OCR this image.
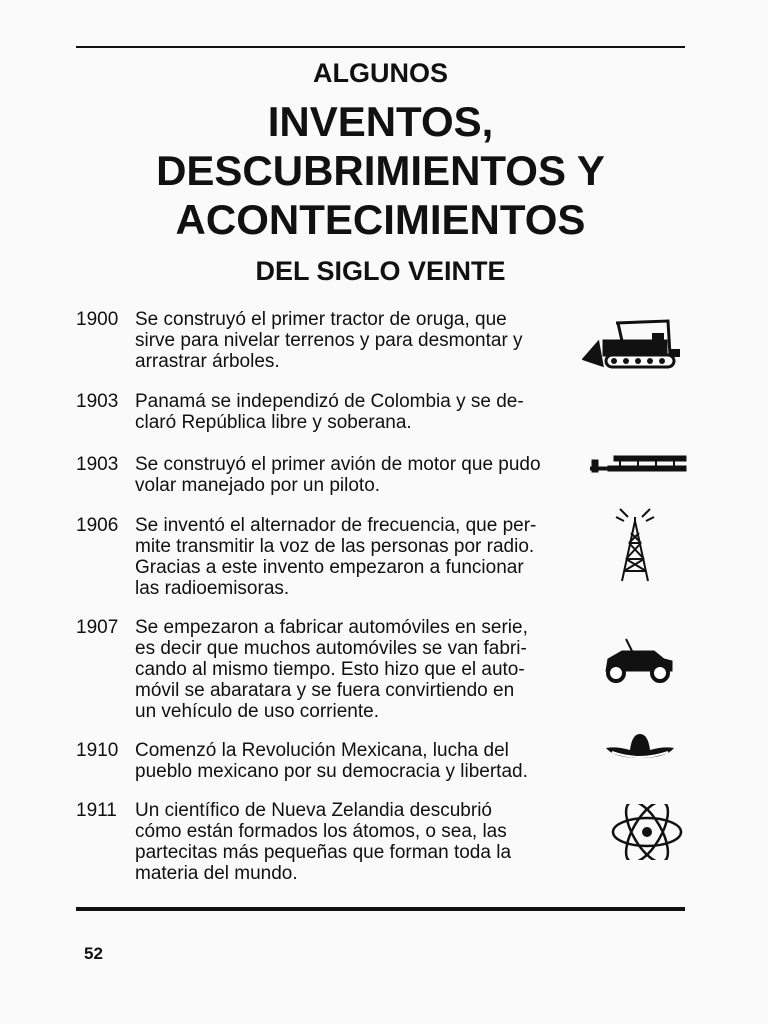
ALGUNOS
INVENTOS,
DESCUBRIMIENTOS Y
ACONTECIMIENTOS
DEL SIGLO VEINTE
1900 Se construyó el primer tractor de oruga, que
sirve para nivelar terrenos y para desmontar y
arrastrar árboles.
1903 Panamá se independizó de Colombia y se de-
claró República libre y soberana.
1903 Se construyó el primer avión de motor que pudo
volar manejado por un piloto.
1906 Se inventó el alternador de frecuencia, que per-
mite transmitir la voz de las personas por radio.
Gracias a este invento empezaron a funcionar
las radioemisoras.
1907 Se empezaron a fabricar automóviles en serie,
es decir que muchos automóviles se van fabri-
cando al mismo tiempo. Esto hizo que el auto-
móvil se abaratara y se fuera convirtiendo en
un vehículo de uso corriente.
1910 Comenzó la Revolución Mexicana, lucha del
pueblo mexicano por su democracia y libertad.
1911 Un científico de Nueva Zelandia descubrió
cómo están formados los átomos, o sea, las
partecitas más pequeñas que forman toda la
materia del mundo.
52
